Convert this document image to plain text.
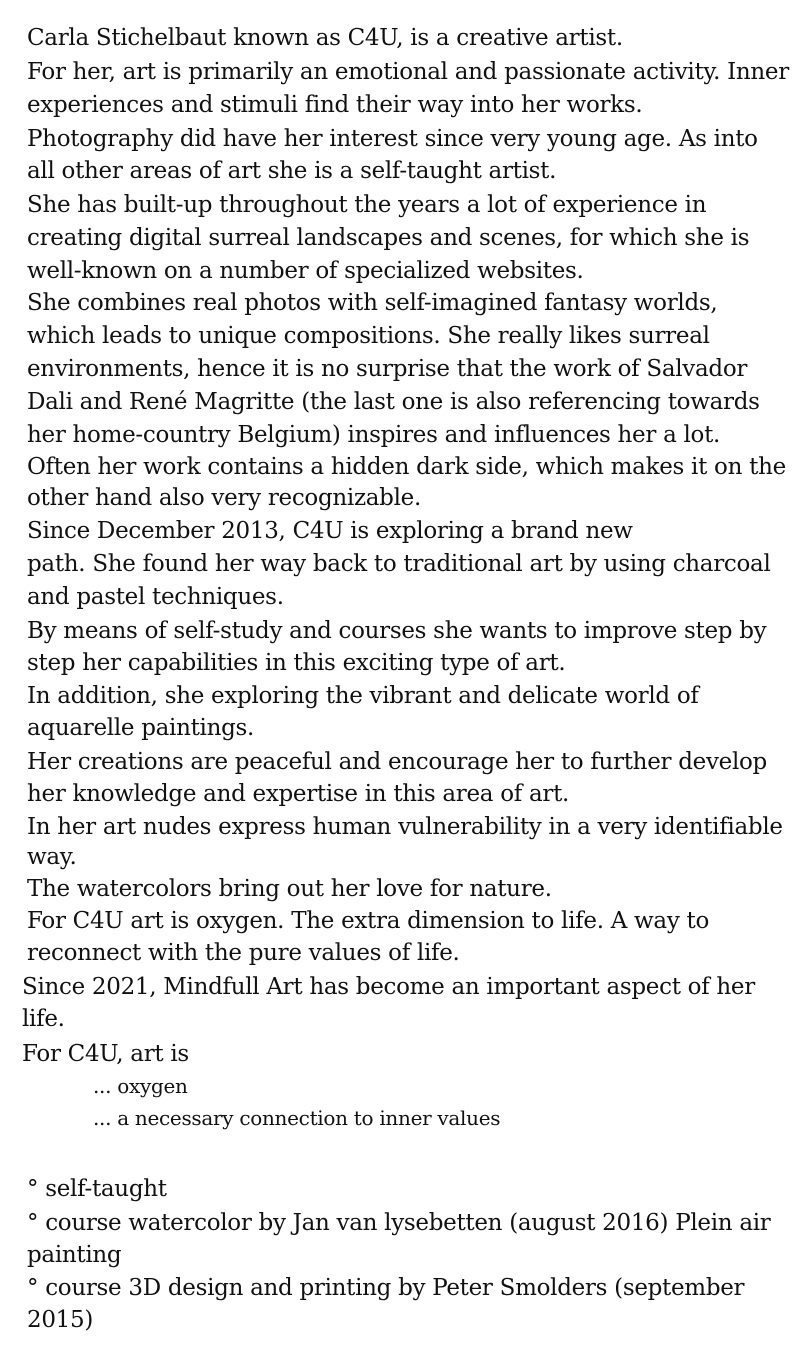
Carla Stichelbaut known as C4U, is a creative artist.
For her, art is primarily an emotional and passionate activity. Inner
experiences and stimuli find their way into her works.
Photography did have her interest since very young age. As into
all other areas of art she is a self-taught artist.
She has built-up throughout the years a lot of experience in
creating digital surreal landscapes and scenes, for which she is
well-known on a number of specialized websites.
She combines real photos with self-imagined fantasy worlds,
which leads to unique compositions. She really likes surreal
environments, hence it is no surprise that the work of Salvador
Dali and René Magritte (the last one is also referencing towards
her home-country Belgium) inspires and influences her a lot.
Often her work contains a hidden dark side, which makes it on the
other hand also very recognizable.
Since December 2013, C4U is exploring a brand new
path. She found her way back to traditional art by using charcoal
and pastel techniques.
By means of self-study and courses she wants to improve step by
step her capabilities in this exciting type of art.
In addition, she exploring the vibrant and delicate world of
aquarelle paintings.
Her creations are peaceful and encourage her to further develop
her knowledge and expertise in this area of art.
In her art nudes express human vulnerability in a very identifiable
way.
The watercolors bring out her love for nature.
For C4U art is oxygen. The extra dimension to life. A way to
reconnect with the pure values of life.
Since 2021, Mindfull Art has become an important aspect of her
life.
For C4U, art is
... oxygen
... a necessary connection to inner values
° self-taught
° course watercolor by Jan van lysebetten (august 2016) Plein air
painting
° course 3D design and printing by Peter Smolders (september
2015)
